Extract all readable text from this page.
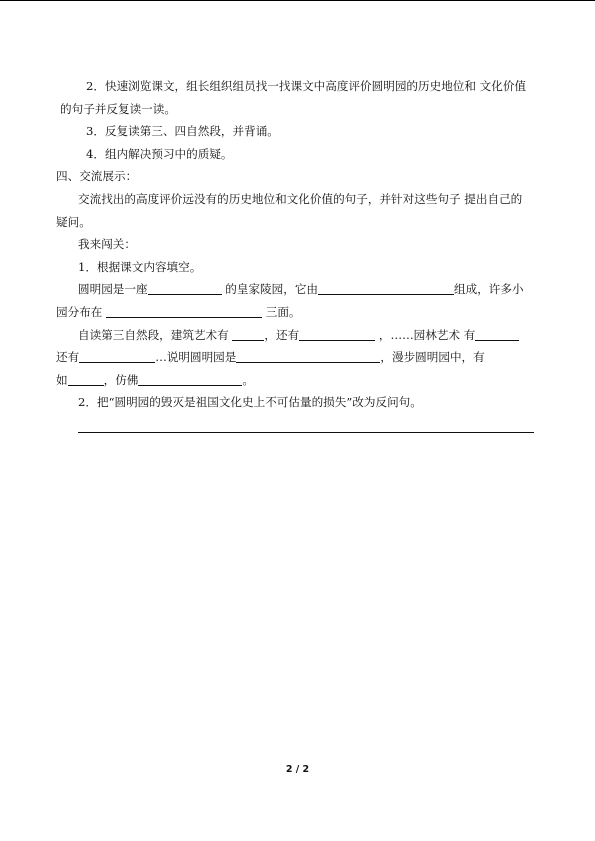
2．快速浏览课文，组长组织组员找一找课文中高度评价圆明园的历史地位和 文化价值
的句子并反复读一读。
3．反复读第三、四自然段，并背诵。
4．组内解决预习中的质疑。
四、交流展示：
交流找出的高度评价远没有的历史地位和文化价值的句子，并针对这些句子 提出自己的
疑问。
我来闯关：
1．根据课文内容填空。
圆明园是一座	的皇家陵园，它由	组成，许多小
园分布在	三面。
自读第三自然段，建筑艺术有	，还有	，……园林艺术 有
还有	…说明圆明园是	，漫步圆明园中，有
如	，仿佛	。
2．把“圆明园的毁灭是祖国文化史上不可估量的损失”改为反问句。
2 / 2
